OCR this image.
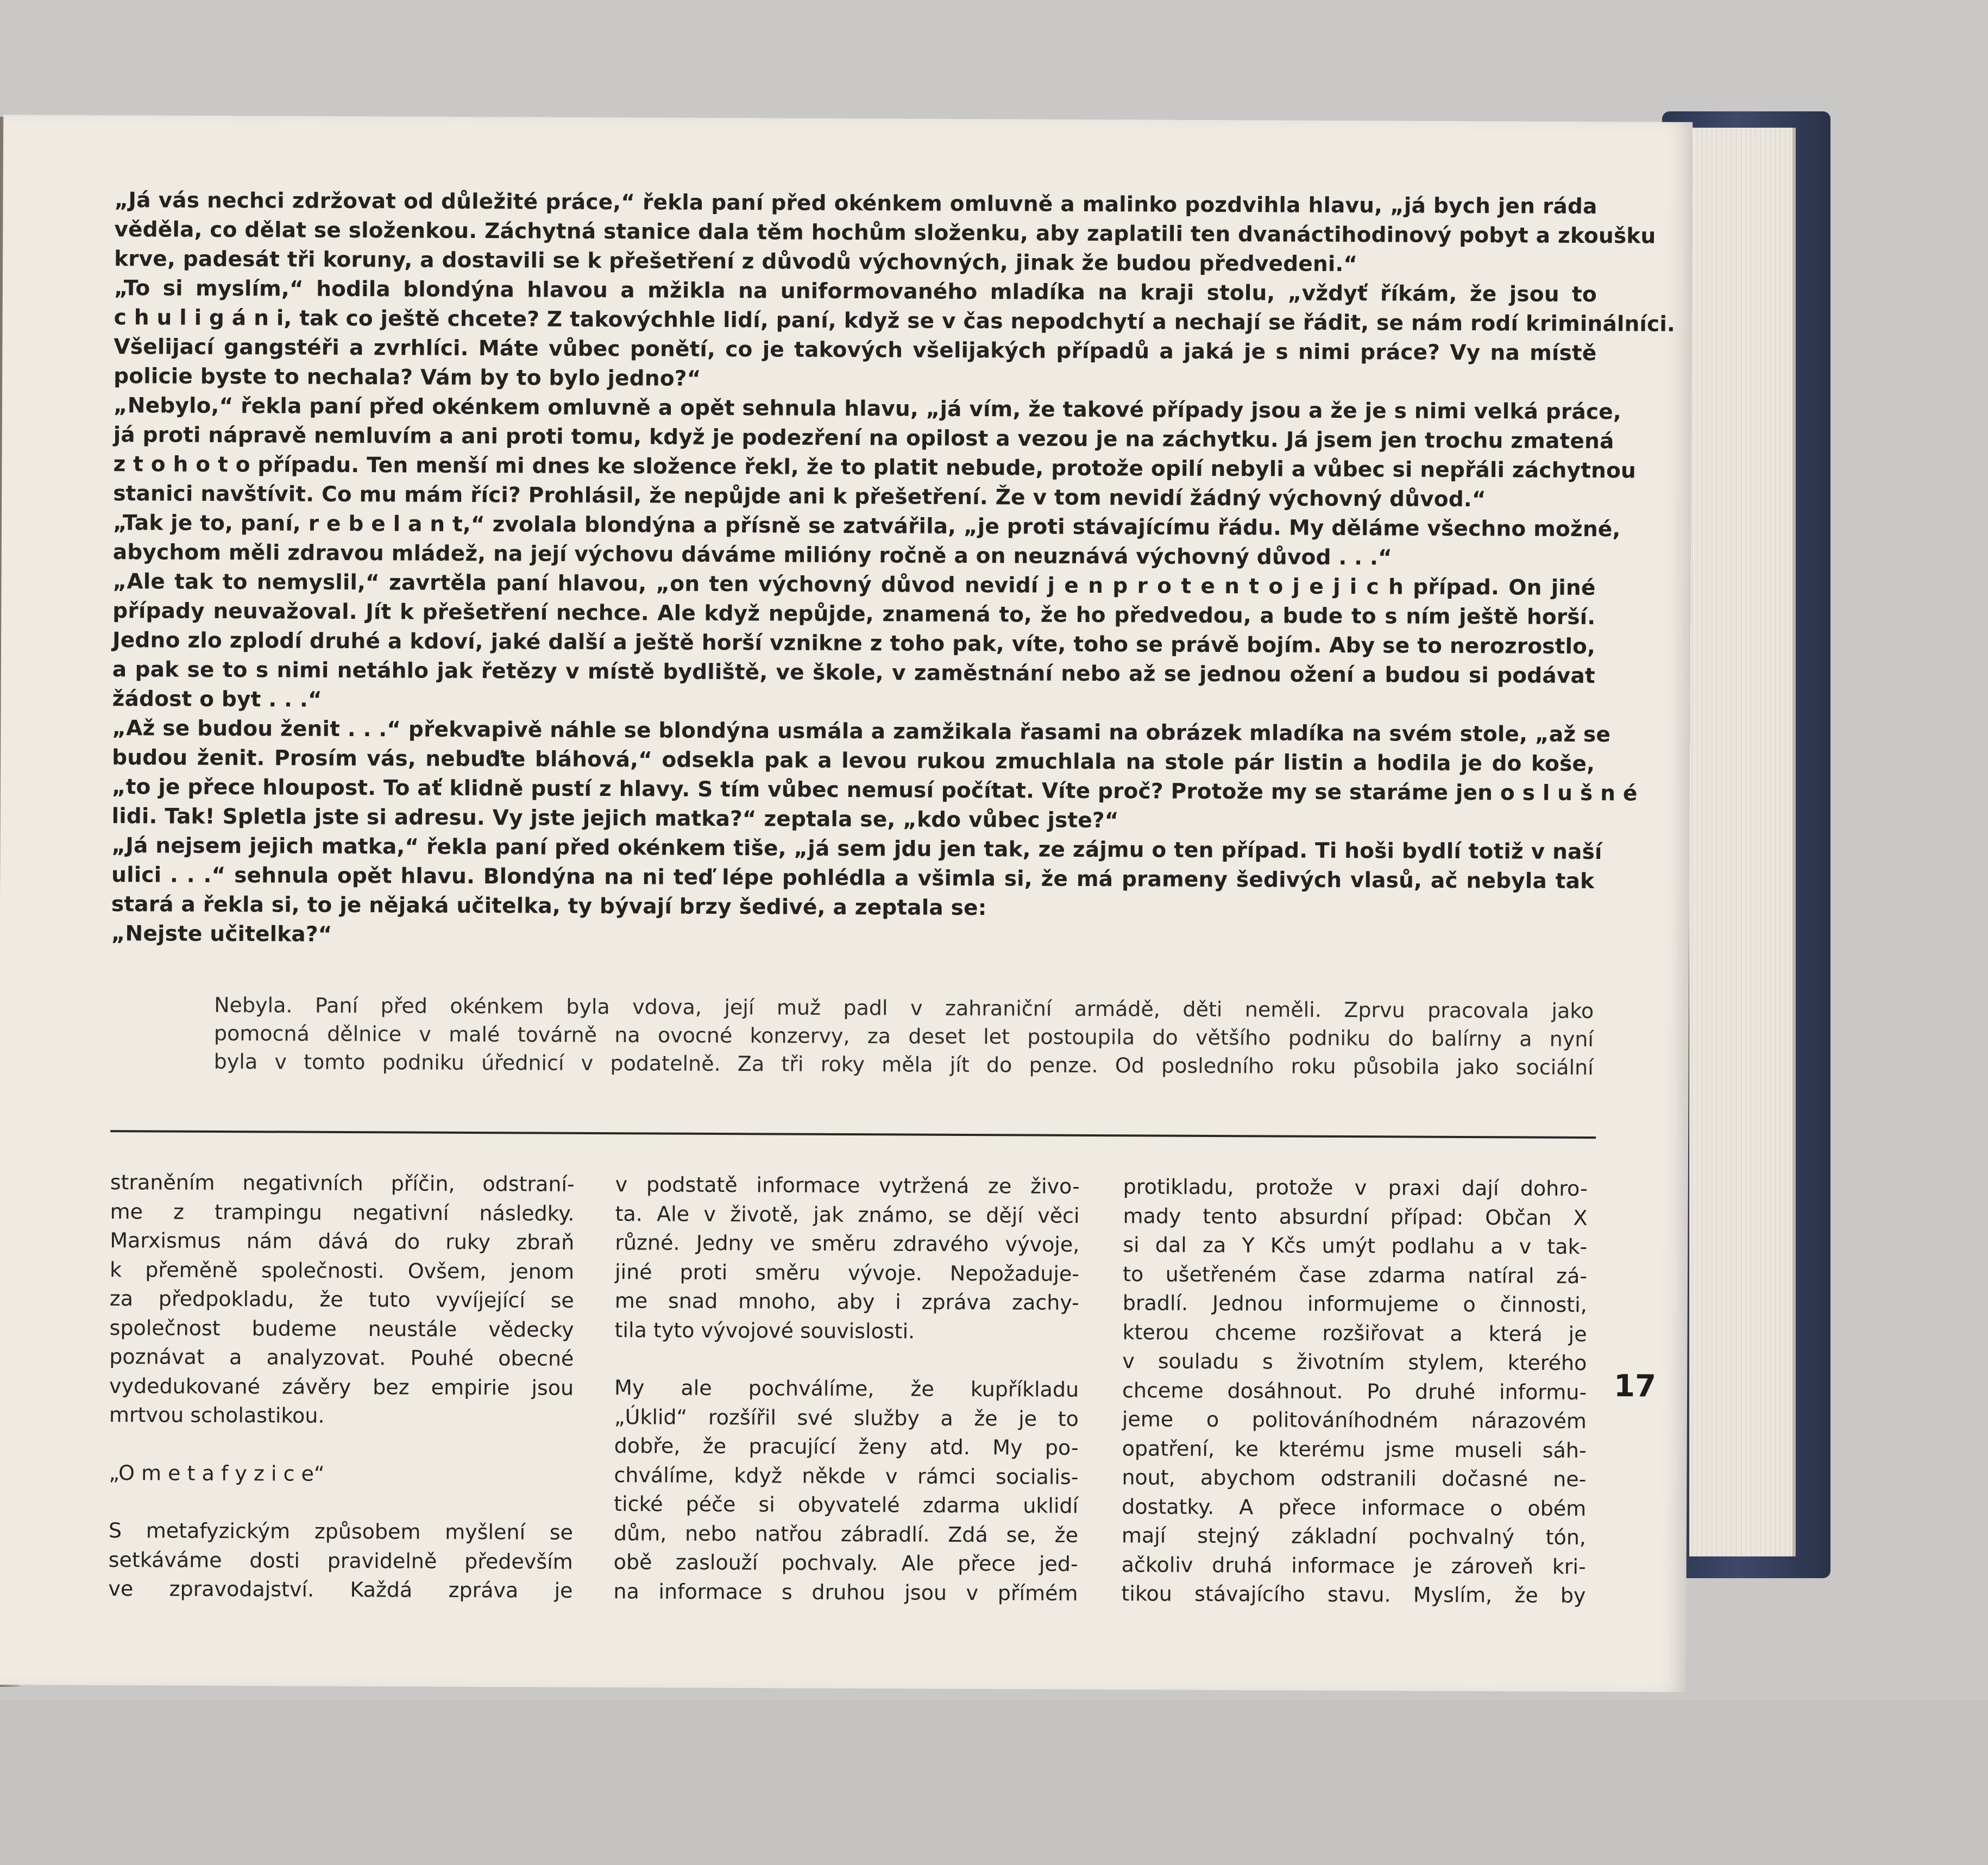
„Já vás nechci zdržovat od důležité práce,“ řekla paní před okénkem omluvně a malinko pozdvihla hlavu, „já bych jen ráda
věděla, co dělat se složenkou. Záchytná stanice dala těm hochům složenku, aby zaplatili ten dvanáctihodinový pobyt a zkoušku
krve, padesát tři koruny, a dostavili se k přešetření z důvodů výchovných, jinak že budou předvedeni.“
„To si myslím,“ hodila blondýna hlavou a mžikla na uniformovaného mladíka na kraji stolu, „vždyť říkám, že jsou to
c h u l i g á n i, tak co ještě chcete? Z takovýchhle lidí, paní, když se v čas nepodchytí a nechají se řádit, se nám rodí kriminálníci.
Všelijací gangstéři a zvrhlíci. Máte vůbec ponětí, co je takových všelijakých případů a jaká je s nimi práce? Vy na místě
policie byste to nechala? Vám by to bylo jedno?“
„Nebylo,“ řekla paní před okénkem omluvně a opět sehnula hlavu, „já vím, že takové případy jsou a že je s nimi velká práce,
já proti nápravě nemluvím a ani proti tomu, když je podezření na opilost a vezou je na záchytku. Já jsem jen trochu zmatená
z t o h o t o případu. Ten menší mi dnes ke složence řekl, že to platit nebude, protože opilí nebyli a vůbec si nepřáli záchytnou
stanici navštívit. Co mu mám říci? Prohlásil, že nepůjde ani k přešetření. Že v tom nevidí žádný výchovný důvod.“
„Tak je to, paní, r e b e l a n t,“ zvolala blondýna a přísně se zatvářila, „je proti stávajícímu řádu. My děláme všechno možné,
abychom měli zdravou mládež, na její výchovu dáváme milióny ročně a on neuznává výchovný důvod . . .“
„Ale tak to nemyslil,“ zavrtěla paní hlavou, „on ten výchovný důvod nevidí j e n p r o t e n t o j e j i c h případ. On jiné
případy neuvažoval. Jít k přešetření nechce. Ale když nepůjde, znamená to, že ho předvedou, a bude to s ním ještě horší.
Jedno zlo zplodí druhé a kdoví, jaké další a ještě horší vznikne z toho pak, víte, toho se právě bojím. Aby se to nerozrostlo,
a pak se to s nimi netáhlo jak řetězy v místě bydliště, ve škole, v zaměstnání nebo až se jednou ožení a budou si podávat
žádost o byt . . .“
„Až se budou ženit . . .“ překvapivě náhle se blondýna usmála a zamžikala řasami na obrázek mladíka na svém stole, „až se
budou ženit. Prosím vás, nebuďte bláhová,“ odsekla pak a levou rukou zmuchlala na stole pár listin a hodila je do koše,
„to je přece hloupost. To ať klidně pustí z hlavy. S tím vůbec nemusí počítat. Víte proč? Protože my se staráme jen o s l u š n é
lidi. Tak! Spletla jste si adresu. Vy jste jejich matka?“ zeptala se, „kdo vůbec jste?“
„Já nejsem jejich matka,“ řekla paní před okénkem tiše, „já sem jdu jen tak, ze zájmu o ten případ. Ti hoši bydlí totiž v naší
ulici . . .“ sehnula opět hlavu. Blondýna na ni teď lépe pohlédla a všimla si, že má prameny šedivých vlasů, ač nebyla tak
stará a řekla si, to je nějaká učitelka, ty bývají brzy šedivé, a zeptala se:
„Nejste učitelka?“
Nebyla. Paní před okénkem byla vdova, její muž padl v zahraniční armádě, děti neměli. Zprvu pracovala jako
pomocná dělnice v malé továrně na ovocné konzervy, za deset let postoupila do většího podniku do balírny a nyní
byla v tomto podniku úřednicí v podatelně. Za tři roky měla jít do penze. Od posledního roku působila jako sociální
straněním negativních příčin, odstraní-
me z trampingu negativní následky.
Marxismus nám dává do ruky zbraň
k přeměně společnosti. Ovšem, jenom
za předpokladu, že tuto vyvíjející se
společnost budeme neustále vědecky
poznávat a analyzovat. Pouhé obecné
vydedukované závěry bez empirie jsou
mrtvou scholastikou.
„O m e t a f y z i c e“
S metafyzickým způsobem myšlení se
setkáváme dosti pravidelně především
ve zpravodajství. Každá zpráva je
v podstatě informace vytržená ze živo-
ta. Ale v životě, jak známo, se dějí věci
různé. Jedny ve směru zdravého vývoje,
jiné proti směru vývoje. Nepožaduje-
me snad mnoho, aby i zpráva zachy-
tila tyto vývojové souvislosti.
My ale pochválíme, že kupříkladu
„Úklid“ rozšířil své služby a že je to
dobře, že pracující ženy atd. My po-
chválíme, když někde v rámci socialis-
tické péče si obyvatelé zdarma uklidí
dům, nebo natřou zábradlí. Zdá se, že
obě zaslouží pochvaly. Ale přece jed-
na informace s druhou jsou v přímém
protikladu, protože v praxi dají dohro-
mady tento absurdní případ: Občan X
si dal za Y Kčs umýt podlahu a v tak-
to ušetřeném čase zdarma natíral zá-
bradlí. Jednou informujeme o činnosti,
kterou chceme rozšiřovat a která je
v souladu s životním stylem, kterého
chceme dosáhnout. Po druhé informu-
jeme o politováníhodném nárazovém
opatření, ke kterému jsme museli sáh-
nout, abychom odstranili dočasné ne-
dostatky. A přece informace o obém
mají stejný základní pochvalný tón,
ačkoliv druhá informace je zároveň kri-
tikou stávajícího stavu. Myslím, že by
17
